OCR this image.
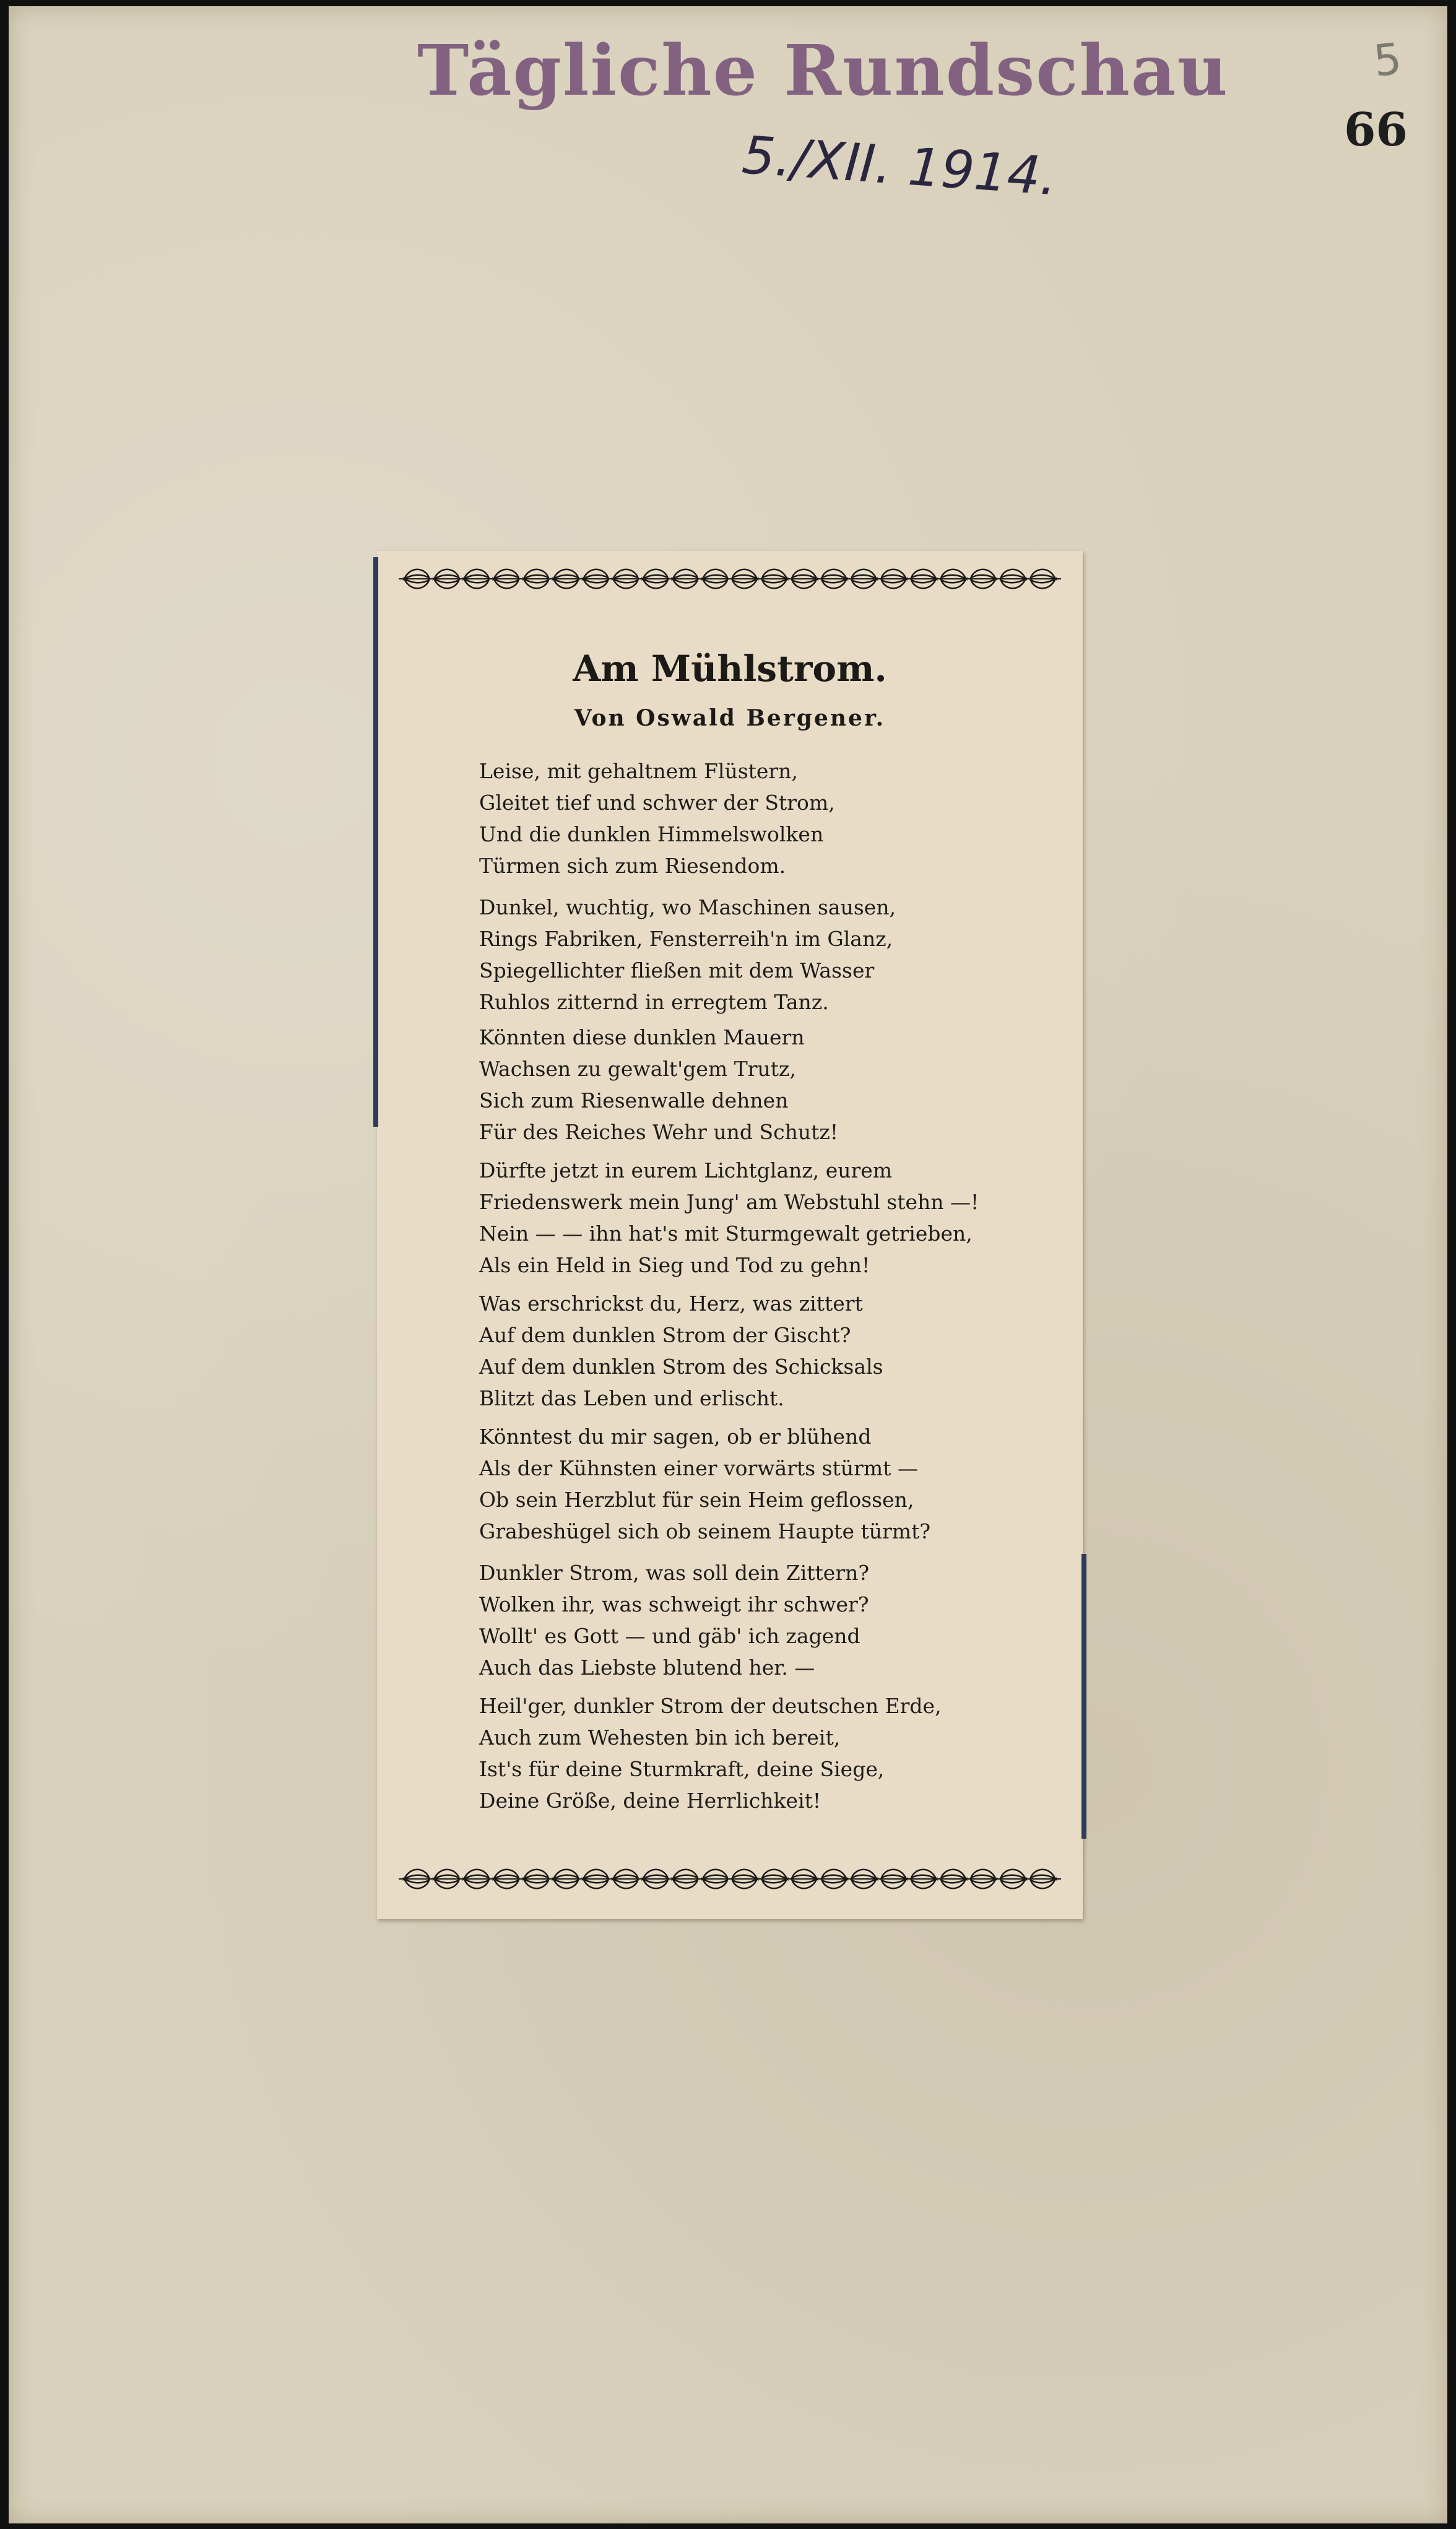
Tägliche Rundschau
5./XII. 1914.	66
5
Am Mühlstrom.
Von Oswald Bergener.
Leise, mit gehaltnem Flüstern,
Gleitet tief und schwer der Strom,
Und die dunklen Himmelswolken
Türmen sich zum Riesendom.
Dunkel, wuchtig, wo Maschinen sausen,
Rings Fabriken, Fensterreih'n im Glanz,
Spiegellichter fließen mit dem Wasser
Ruhlos zitternd in erregtem Tanz.
Könnten diese dunklen Mauern
Wachsen zu gewalt'gem Trutz,
Sich zum Riesenwalle dehnen
Für des Reiches Wehr und Schutz!
Dürfte jetzt in eurem Lichtglanz, eurem
Friedenswerk mein Jung' am Webstuhl stehn —!
Nein — — ihn hat's mit Sturmgewalt getrieben,
Als ein Held in Sieg und Tod zu gehn!
Was erschrickst du, Herz, was zittert
Auf dem dunklen Strom der Gischt?
Auf dem dunklen Strom des Schicksals
Blitzt das Leben und erlischt.
Könntest du mir sagen, ob er blühend
Als der Kühnsten einer vorwärts stürmt —
Ob sein Herzblut für sein Heim geflossen,
Grabeshügel sich ob seinem Haupte türmt?
Dunkler Strom, was soll dein Zittern?
Wolken ihr, was schweigt ihr schwer?
Wollt' es Gott — und gäb' ich zagend
Auch das Liebste blutend her. —
Heil'ger, dunkler Strom der deutschen Erde,
Auch zum Wehesten bin ich bereit,
Ist's für deine Sturmkraft, deine Siege,
Deine Größe, deine Herrlichkeit!
